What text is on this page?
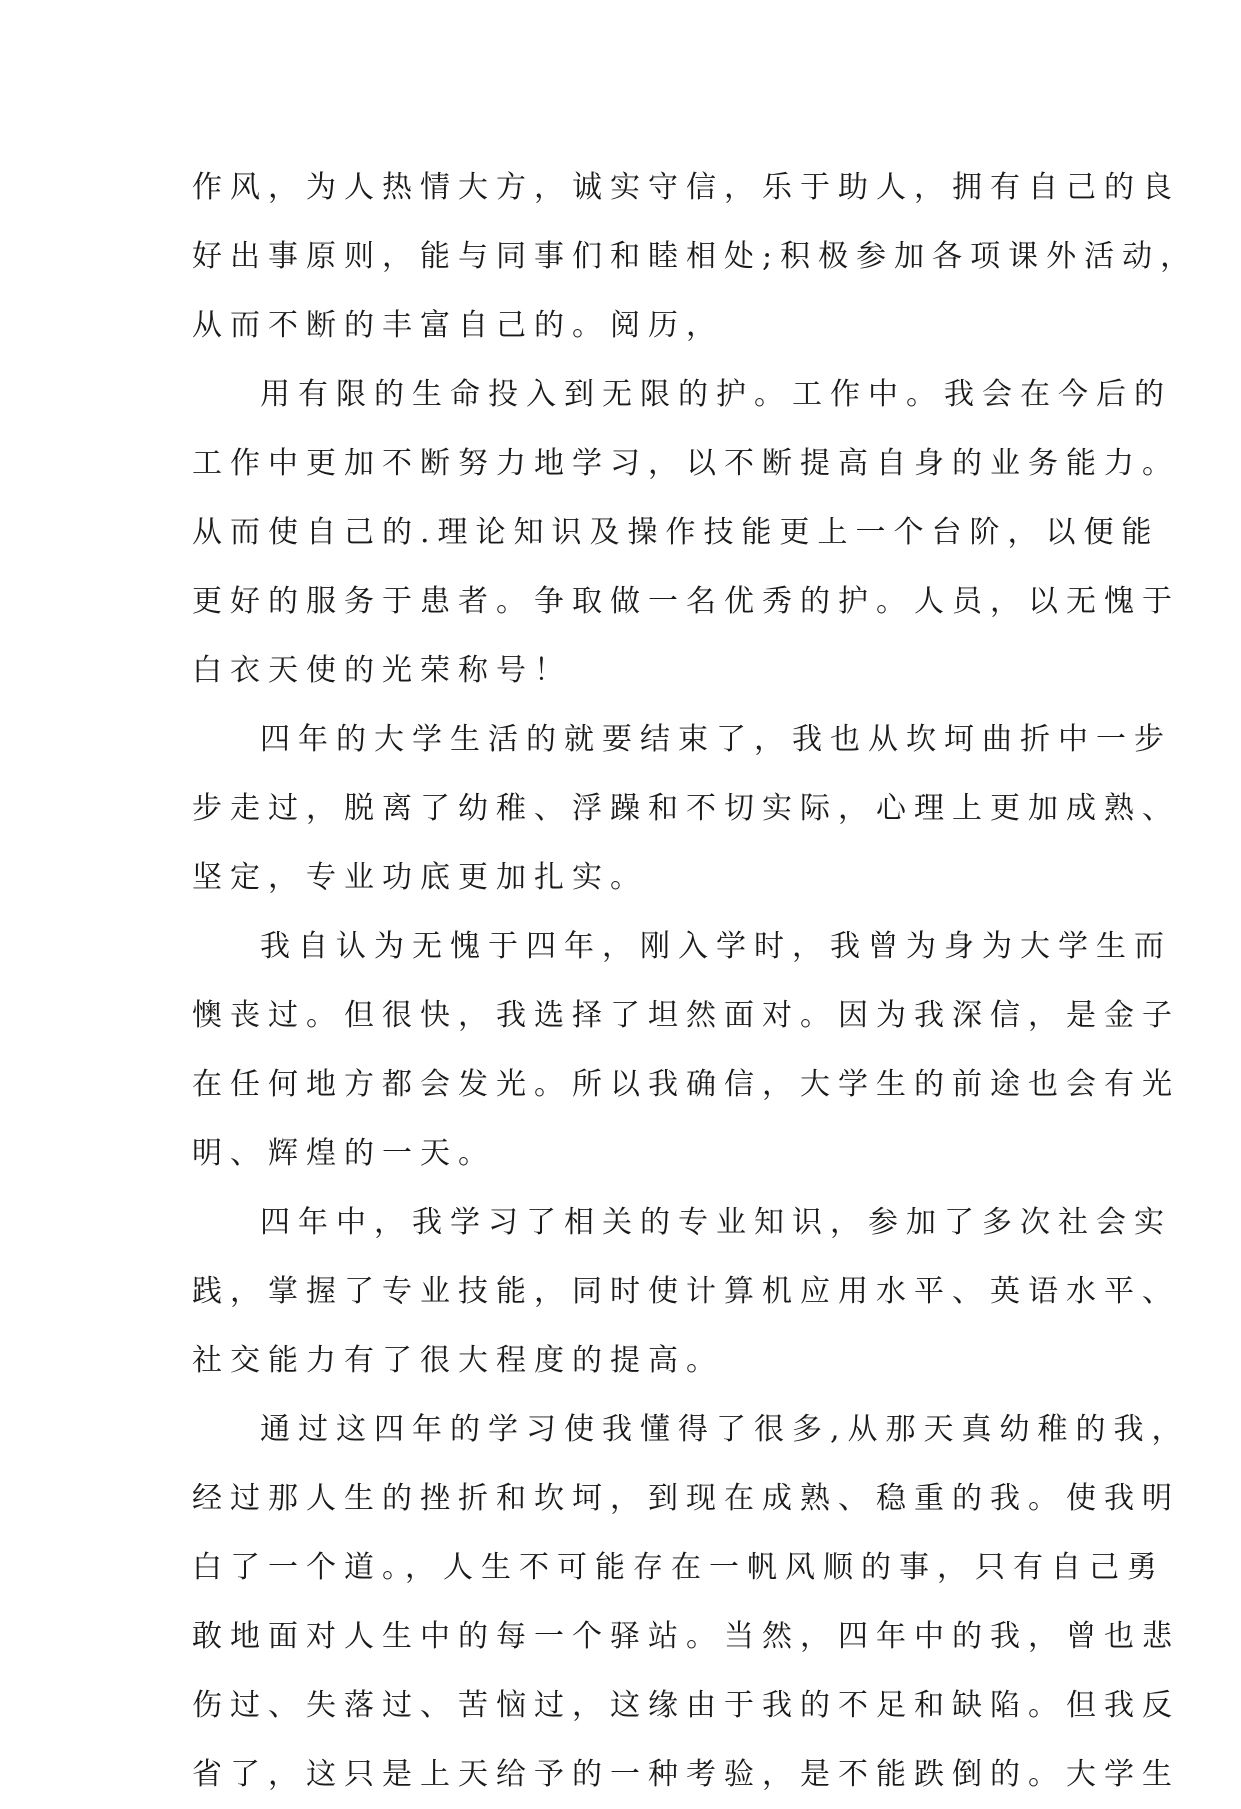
作风，为人热情大方，诚实守信，乐于助人，拥有自己的良
好出事原则，能与同事们和睦相处;积极参加各项课外活动，
从而不断的丰富自己的。阅历，
用有限的生命投入到无限的护。工作中。我会在今后的
工作中更加不断努力地学习，以不断提高自身的业务能力。
从而使自己的.理论知识及操作技能更上一个台阶，以便能
更好的服务于患者。争取做一名优秀的护。人员，以无愧于
白衣天使的光荣称号！
四年的大学生活的就要结束了，我也从坎坷曲折中一步
步走过，脱离了幼稚、浮躁和不切实际，心理上更加成熟、
坚定，专业功底更加扎实。
我自认为无愧于四年，刚入学时，我曾为身为大学生而
懊丧过。但很快，我选择了坦然面对。因为我深信，是金子
在任何地方都会发光。所以我确信，大学生的前途也会有光
明、辉煌的一天。
四年中，我学习了相关的专业知识，参加了多次社会实
践，掌握了专业技能，同时使计算机应用水平、英语水平、
社交能力有了很大程度的提高。
通过这四年的学习使我懂得了很多,从那天真幼稚的我，
经过那人生的挫折和坎坷，到现在成熟、稳重的我。使我明
白了一个道。，人生不可能存在一帆风顺的事，只有自己勇
敢地面对人生中的每一个驿站。当然，四年中的我，曾也悲
伤过、失落过、苦恼过，这缘由于我的不足和缺陷。但我反
省了，这只是上天给予的一种考验，是不能跌倒的。大学生
